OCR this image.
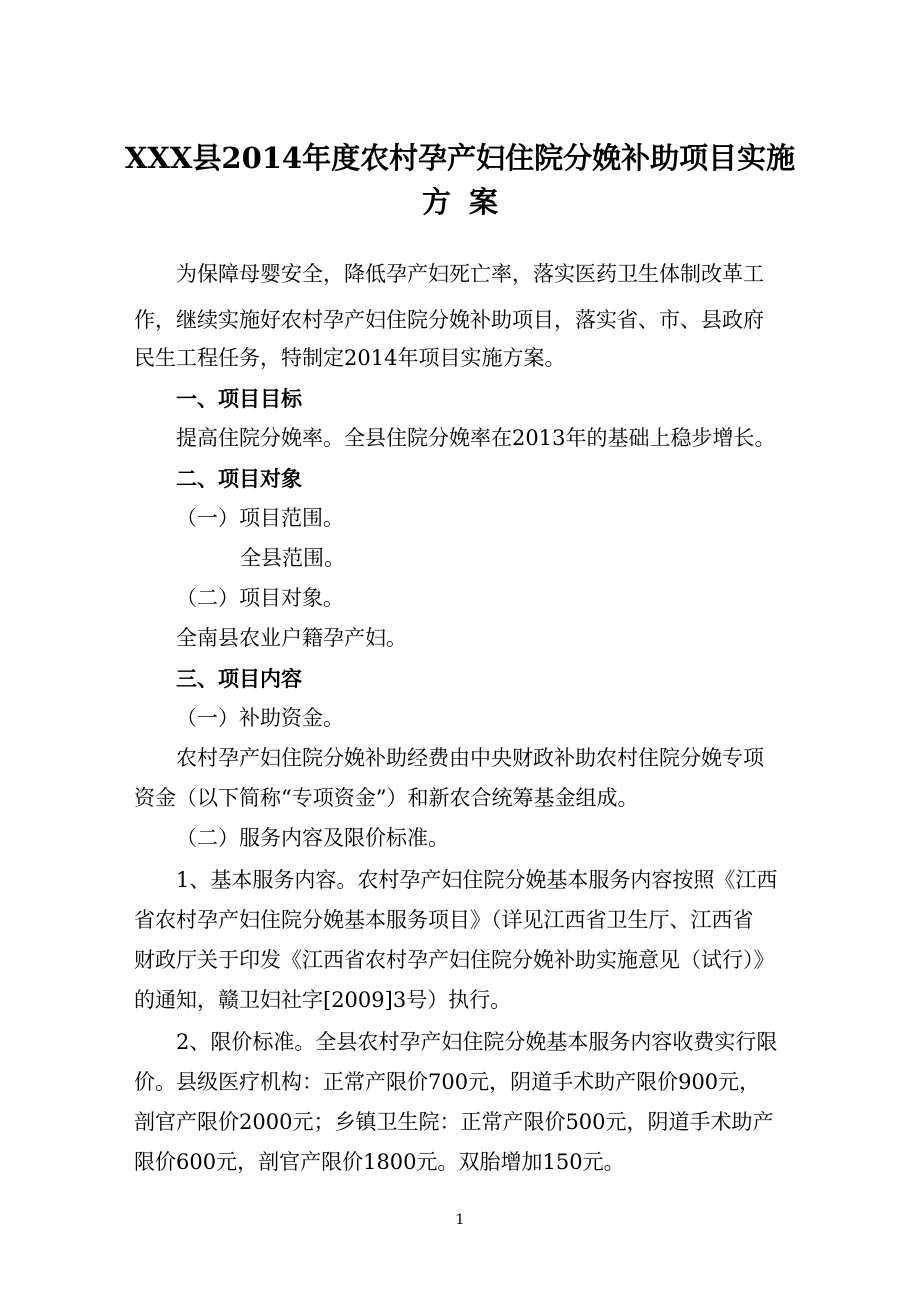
XXX县2014年度农村孕产妇住院分娩补助项目实施
方案
为保障母婴安全，降低孕产妇死亡率，落实医药卫生体制改革工
作，继续实施好农村孕产妇住院分娩补助项目，落实省、市、县政府
民生工程任务，特制定2014年项目实施方案。
一、项目目标
提高住院分娩率。全县住院分娩率在2013年的基础上稳步增长。
二、项目对象
（一）项目范围。
全县范围。
（二）项目对象。
全南县农业户籍孕产妇。
三、项目内容
（一）补助资金。
农村孕产妇住院分娩补助经费由中央财政补助农村住院分娩专项
资金（以下简称“专项资金”）和新农合统筹基金组成。
（二）服务内容及限价标准。
1、基本服务内容。农村孕产妇住院分娩基本服务内容按照《江西
省农村孕产妇住院分娩基本服务项目》（详见江西省卫生厅、江西省
财政厅关于印发《江西省农村孕产妇住院分娩补助实施意见（试行）》
的通知，赣卫妇社字[2009]3号）执行。
2、限价标准。全县农村孕产妇住院分娩基本服务内容收费实行限
价。县级医疗机构：正常产限价700元，阴道手术助产限价900元，
剖官产限价2000元；乡镇卫生院：正常产限价500元，阴道手术助产
限价600元，剖官产限价1800元。双胎增加150元。
1
